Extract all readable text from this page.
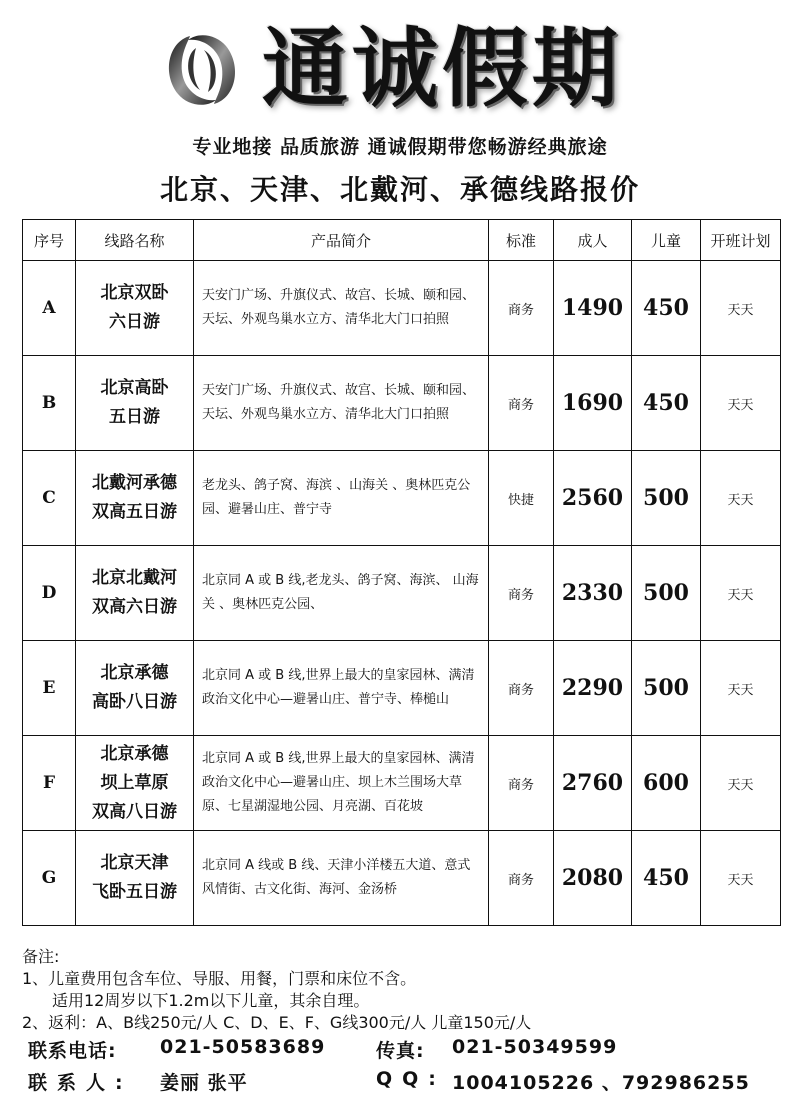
通诚假期
专业地接 品质旅游 通诚假期带您畅游经典旅途
北京、天津、北戴河、承德线路报价
序号	线路名称	产品简介	标准	成人	儿童	开班计划
A	北京双卧
六日游	天安门广场、升旗仪式、故宫、长城、颐和园、天坛、外观鸟巢水立方、清华北大门口拍照	商务	1490	450	天天
B	北京高卧
五日游	天安门广场、升旗仪式、故宫、长城、颐和园、天坛、外观鸟巢水立方、清华北大门口拍照	商务	1690	450	天天
C	北戴河承德
双高五日游	老龙头、鸽子窝、海滨 、山海关 、奥林匹克公园、避暑山庄、普宁寺	快捷	2560	500	天天
D	北京北戴河
双高六日游	北京同 A 或 B 线,老龙头、鸽子窝、海滨、 山海关 、奥林匹克公园、	商务	2330	500	天天
E	北京承德
高卧八日游	北京同 A 或 B 线,世界上最大的皇家园林、满清政治文化中心—避暑山庄、普宁寺、棒槌山	商务	2290	500	天天
F	北京承德
坝上草原
双高八日游	北京同 A 或 B 线,世界上最大的皇家园林、满清政治文化中心—避暑山庄、坝上木兰围场大草原、七星湖湿地公园、月亮湖、百花坡	商务	2760	600	天天
G	北京天津
飞卧五日游	北京同 A 线或 B 线、天津小洋楼五大道、意式风情街、古文化街、海河、金汤桥	商务	2080	450	天天
备注:
1、儿童费用包含车位、导服、用餐，门票和床位不含。
适用12周岁以下1.2m以下儿童，其余自理。
2、返利：A、B线250元/人 C、D、E、F、G线300元/人 儿童150元/人
联系电话: 021-50583689	传真: 021-50349599
联系人: 姜丽 张平	QQ: 1004105226 、792986255
